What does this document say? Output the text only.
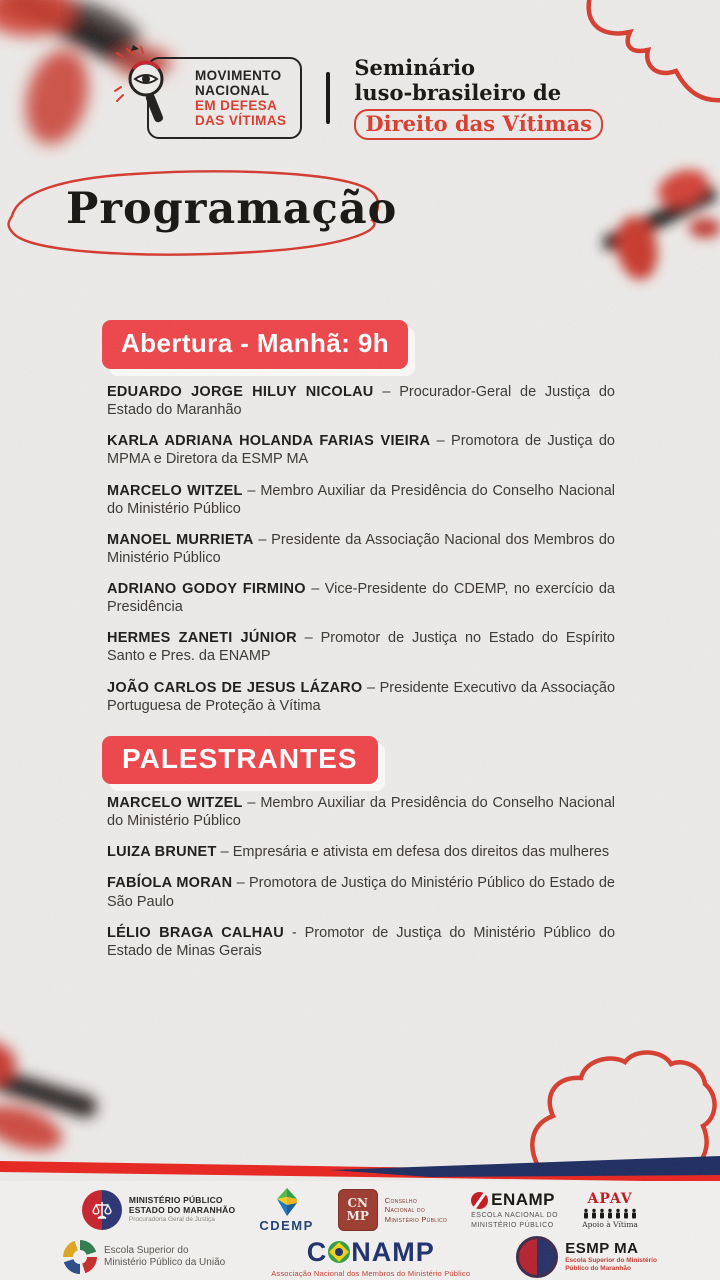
MOVIMENTO
NACIONAL
EM DEFESA
DAS VÍTIMAS
Seminário
luso-brasileiro de
Direito das Vítimas
Programação
Abertura - Manhã: 9h

EDUARDO JORGE HILUY NICOLAU – Procurador-Geral de Justiça do Estado do Maranhão

KARLA ADRIANA HOLANDA FARIAS VIEIRA – Promotora de Justiça do MPMA e Diretora da ESMP MA

MARCELO WITZEL – Membro Auxiliar da Presidência do Conselho Nacional do Ministério Público

MANOEL MURRIETA – Presidente da Associação Nacional dos Membros do Ministério Público

ADRIANO GODOY FIRMINO – Vice-Presidente do CDEMP, no exercício da Presidência

HERMES ZANETI JÚNIOR – Promotor de Justiça no Estado do Espírito Santo e Pres. da ENAMP

JOÃO CARLOS DE JESUS LÁZARO – Presidente Executivo da Associação Portuguesa de Proteção à Vítima

PALESTRANTES

MARCELO WITZEL – Membro Auxiliar da Presidência do Conselho Nacional do Ministério Público

LUIZA BRUNET – Empresária e ativista em defesa dos direitos das mulheres

FABÍOLA MORAN – Promotora de Justiça do Ministério Público do Estado de São Paulo

LÉLIO BRAGA CALHAU - Promotor de Justiça do Ministério Público do Estado de Minas Gerais

MINISTÉRIO PÚBLICO
ESTADO DO MARANHÃO
Procuradoria Geral de Justiça	CDEMP
CN
MP
Conselho
Nacional do
Ministério Público
ENAMP
ESCOLA NACIONAL DO
MINISTÉRIO PÚBLICO
APAV
Apoio à Vítima
Escola Superior do
Ministério Público da União	C NAMP
Associação Nacional dos Membros do Ministério Público
ESMP MA
Escola Superior do Ministério
Público do Maranhão
